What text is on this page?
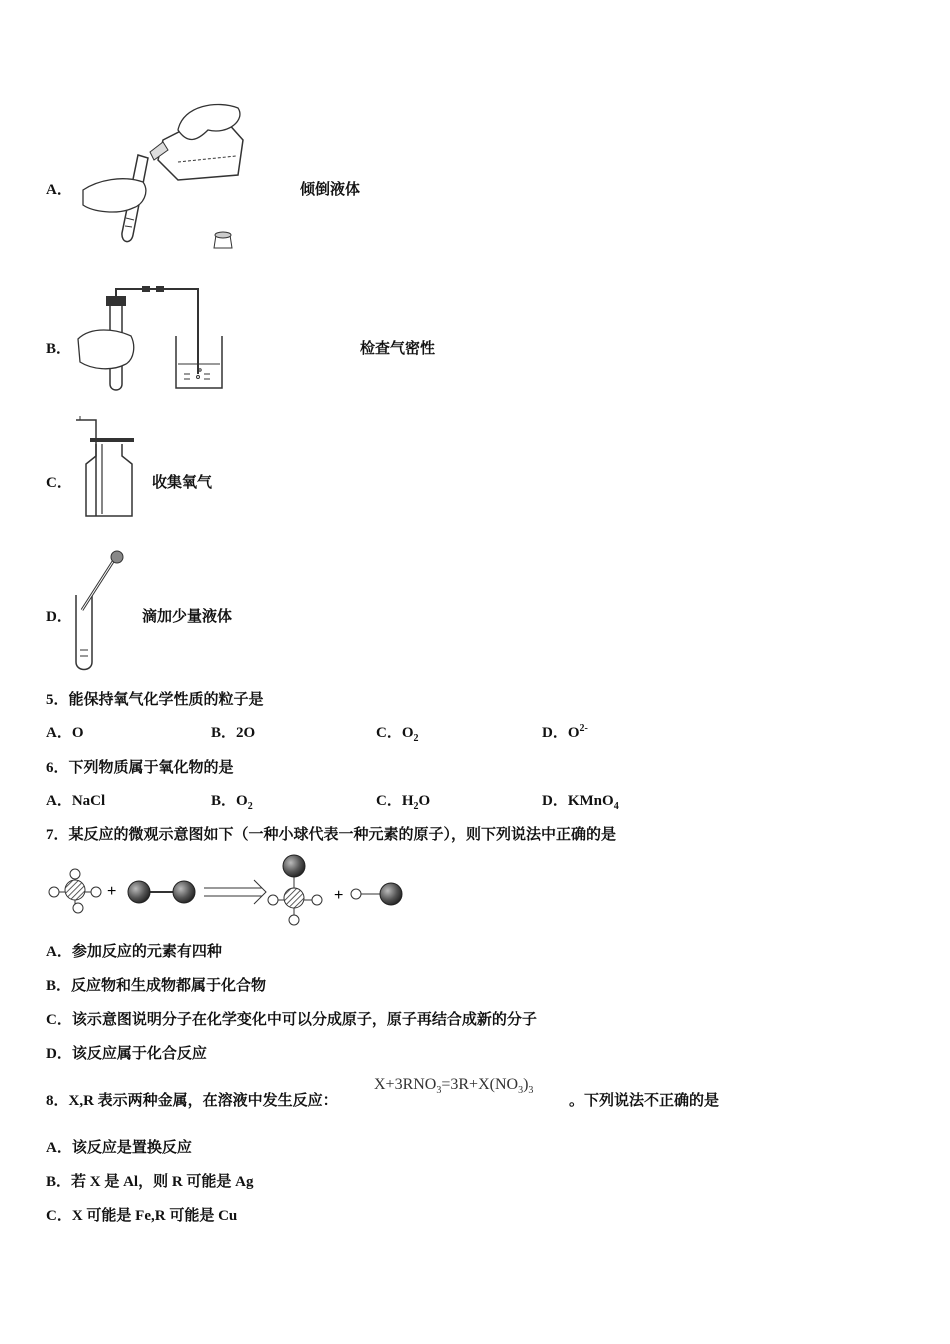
A．	倾倒液体
B．	检查气密性
C．	收集氧气
D．	滴加少量液体
5．能保持氧气化学性质的粒子是
A．O	B．2O	C．$O_2$	D．$O^{2-}$
6．下列物质属于氧化物的是
A．NaCl	B．$O_2$	C．$H_2O$	D．KMnO$_4$
7．某反应的微观示意图如下（一种小球代表一种元素的原子），则下列说法中正确的是
+	+
A．参加反应的元素有四种
B．反应物和生成物都属于化合物
C．该示意图说明分子在化学变化中可以分成原子，原子再结合成新的分子
D．该反应属于化合反应
8．X,R 表示两种金属，在溶液中发生反应：
$X+3RNO_3=3R+X(NO_3)_3$
。下列说法不正确的是
A．该反应是置换反应
B．若 X 是 Al，则 R 可能是 Ag
C．X 可能是 Fe,R 可能是 Cu
